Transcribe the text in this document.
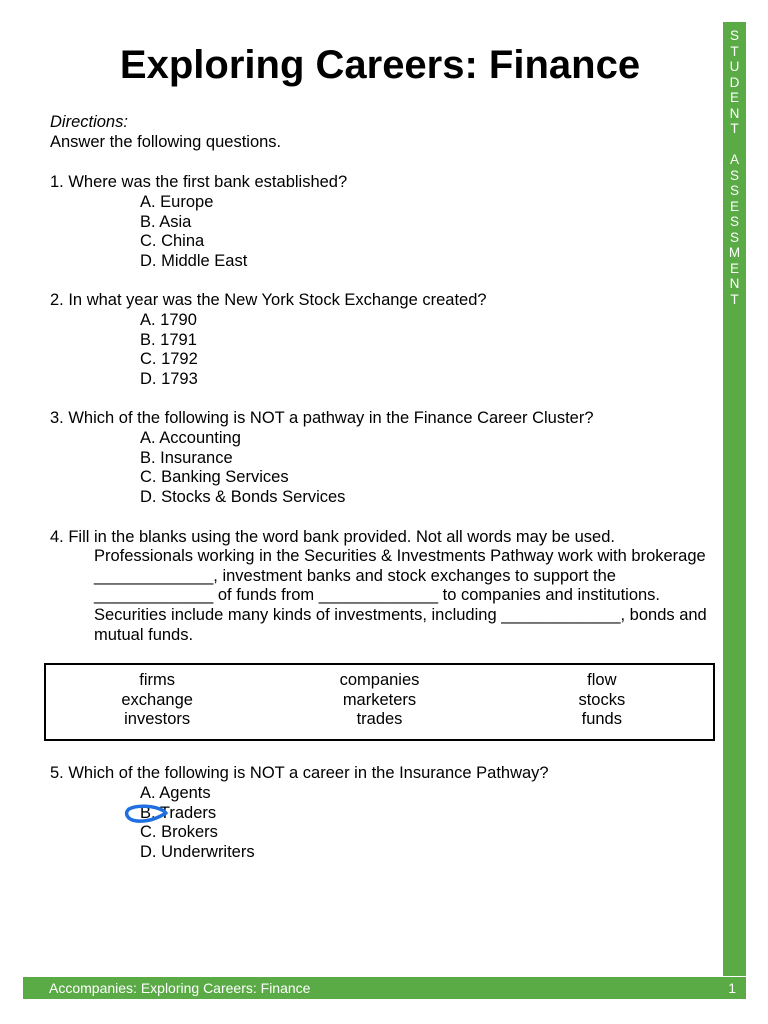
S
T
U
D
E
N
T

A
S
S
E
S
S
M
E
N
T
Exploring Careers: Finance
Directions:
Answer the following questions.
1. Where was the first bank established?
A. Europe
B. Asia
C. China
D. Middle East
2. In what year was the New York Stock Exchange created?
A. 1790
B. 1791
C. 1792
D. 1793
3. Which of the following is NOT a pathway in the Finance Career Cluster?
A. Accounting
B. Insurance
C. Banking Services
D. Stocks & Bonds Services
4. Fill in the blanks using the word bank provided. Not all words may be used.
Professionals working in the Securities & Investments Pathway work with brokerage _____________, investment banks and stock exchanges to support the _____________ of funds from _____________ to companies and institutions. Securities include many kinds of investments, including _____________, bonds and mutual funds.
firms	companies	flow
exchange	marketers	stocks
investors	trades	funds
5. Which of the following is NOT a career in the Insurance Pathway?
A. Agents
B. Traders
C. Brokers
D. Underwriters
Accompanies: Exploring Careers: Finance	1
